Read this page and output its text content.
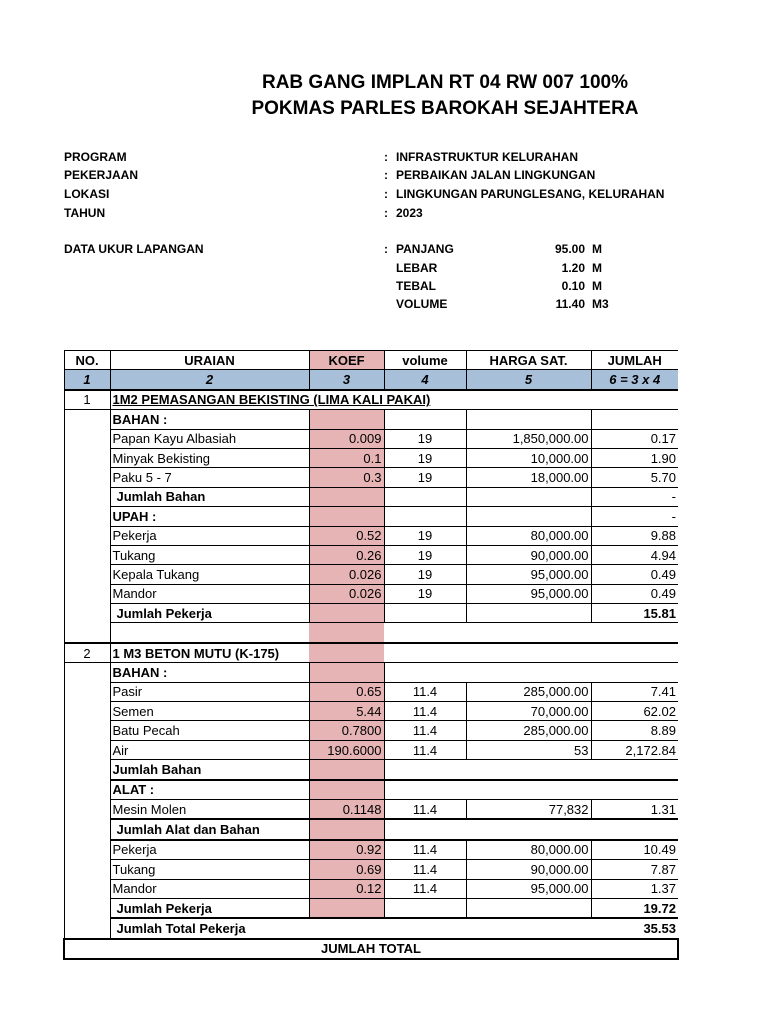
RAB GANG IMPLAN RT 04 RW 007 100%
POKMAS PARLES BAROKAH SEJAHTERA
PROGRAM	: INFRASTRUKTUR KELURAHAN
PEKERJAAN	: PERBAIKAN JALAN LINGKUNGAN
LOKASI	: LINGKUNGAN PARUNGLESANG, KELURAHAN
TAHUN	: 2023
DATA UKUR LAPANGAN	: PANJANG	95.00 M
LEBAR	1.20 M
TEBAL	0.10 M
VOLUME	11.40 M3
NO.	URAIAN	KOEF	volume	HARGA SAT.	JUMLAH
1	2	3	4	5	6 = 3 x 4
1	1M2 PEMASANGAN BEKISTING (LIMA KALI PAKAI)				
	BAHAN :				
	Papan Kayu Albasiah	0.009	19	1,850,000.00	0.17
	Minyak Bekisting	0.1	19	10,000.00	1.90
	Paku 5 - 7	0.3	19	18,000.00	5.70
	Jumlah Bahan				-
	UPAH :				-
	Pekerja	0.52	19	80,000.00	9.88
	Tukang	0.26	19	90,000.00	4.94
	Kepala Tukang	0.026	19	95,000.00	0.49
	Mandor	0.026	19	95,000.00	0.49
	Jumlah Pekerja				15.81

2	1 M3 BETON MUTU (K-175)				
	BAHAN :				
	Pasir	0.65	11.4	285,000.00	7.41
	Semen	5.44	11.4	70,000.00	62.02
	Batu Pecah	0.7800	11.4	285,000.00	8.89
	Air	190.6000	11.4	53	2,172.84
	Jumlah Bahan				
	ALAT :				
	Mesin Molen	0.1148	11.4	77,832	1.31
	Jumlah Alat dan Bahan				
	Pekerja	0.92	11.4	80,000.00	10.49
	Tukang	0.69	11.4	90,000.00	7.87
	Mandor	0.12	11.4	95,000.00	1.37
	Jumlah Pekerja				19.72
	Jumlah Total Pekerja				35.53
JUMLAH TOTAL					
